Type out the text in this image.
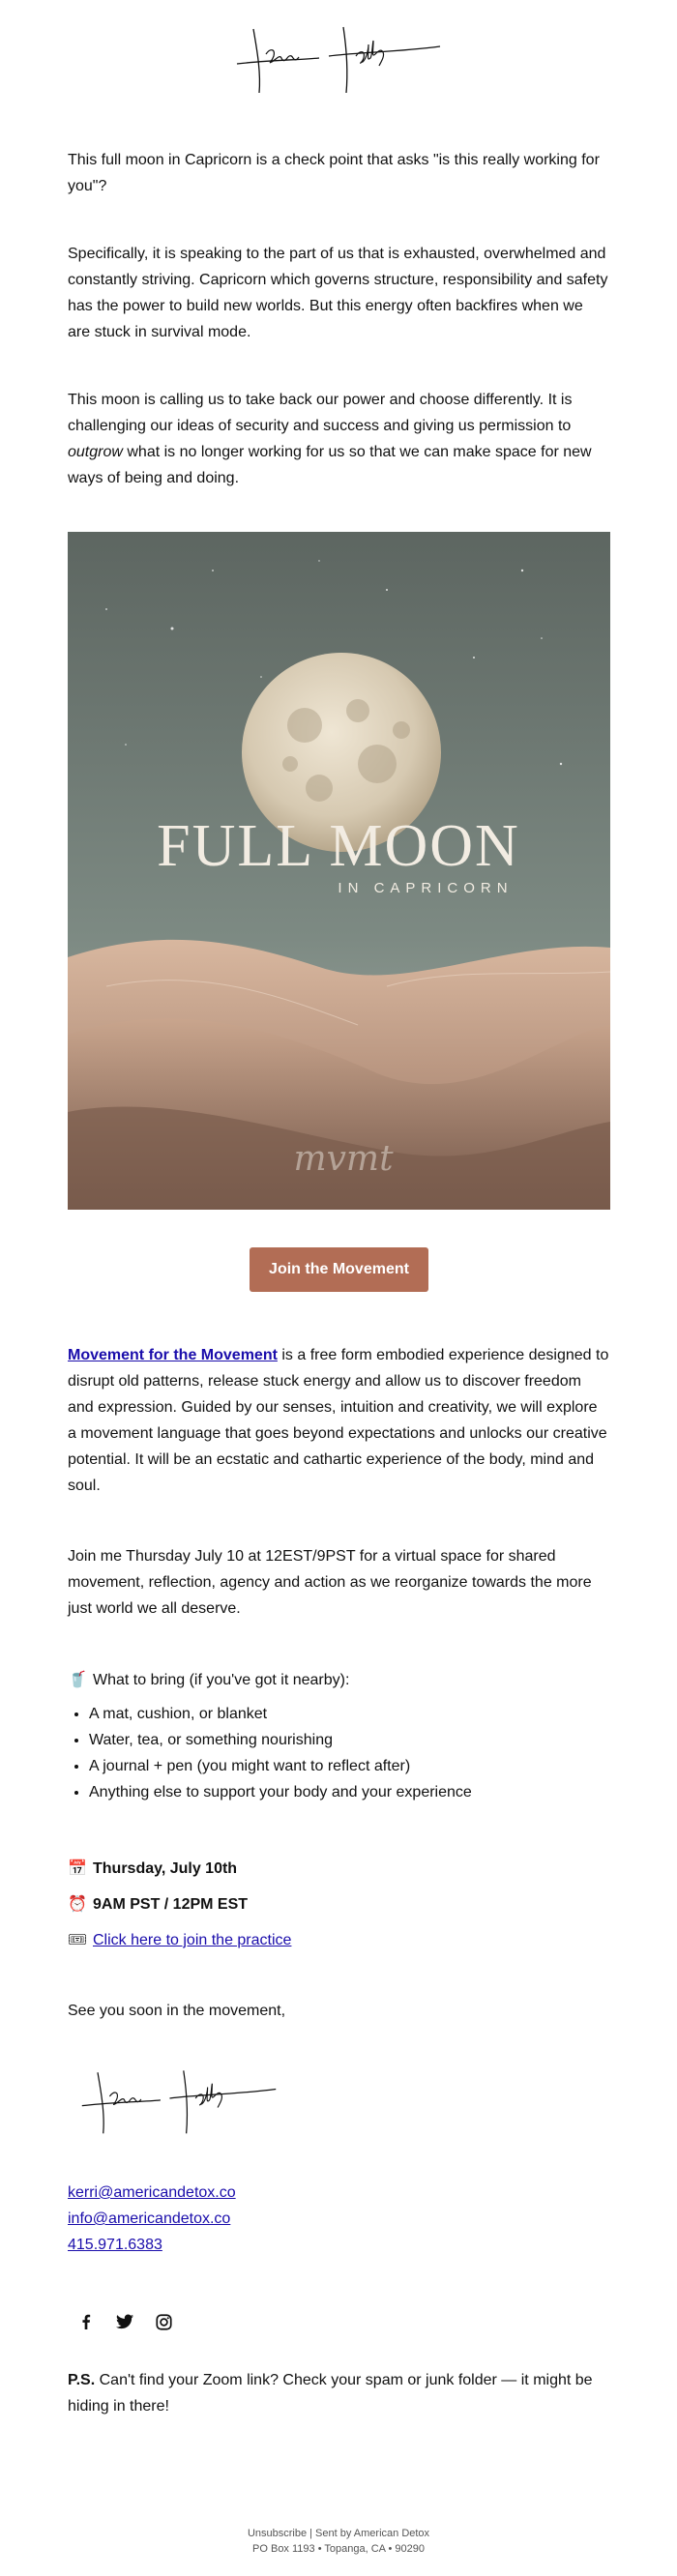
This full moon in Capricorn is a check point that asks "is this really working for you"?

Specifically, it is speaking to the part of us that is exhausted, overwhelmed and constantly striving. Capricorn which governs structure, responsibility and safety has the power to build new worlds. But this energy often backfires when we are stuck in survival mode.

This moon is calling us to take back our power and choose differently. It is challenging our ideas of security and success and giving us permission to outgrow what is no longer working for us so that we can make space for new ways of being and doing.

FULL MOON
IN CAPRICORN
mvmt
Join the Movement

Movement for the Movement is a free form embodied experience designed to disrupt old patterns, release stuck energy and allow us to discover freedom and expression. Guided by our senses, intuition and creativity, we will explore a movement language that goes beyond expectations and unlocks our creative potential. It will be an ecstatic and cathartic experience of the body, mind and soul.

Join me Thursday July 10 at 12EST/9PST for a virtual space for shared movement, reflection, agency and action as we reorganize towards the more just world we all deserve.

🥤 What to bring (if you've got it nearby):

• A mat, cushion, or blanket
• Water, tea, or something nourishing
• A journal + pen (you might want to reflect after)
• Anything else to support your body and your experience

📅 Thursday, July 10th

⏰ 9AM PST / 12PM EST

🎟 Click here to join the practice

See you soon in the movement,

kerri@americandetox.co

info@americandetox.co

415.971.6383

P.S. Can't find your Zoom link? Check your spam or junk folder — it might be hiding in there!

Unsubscribe | Sent by American Detox
PO Box 1193 • Topanga, CA • 90290
